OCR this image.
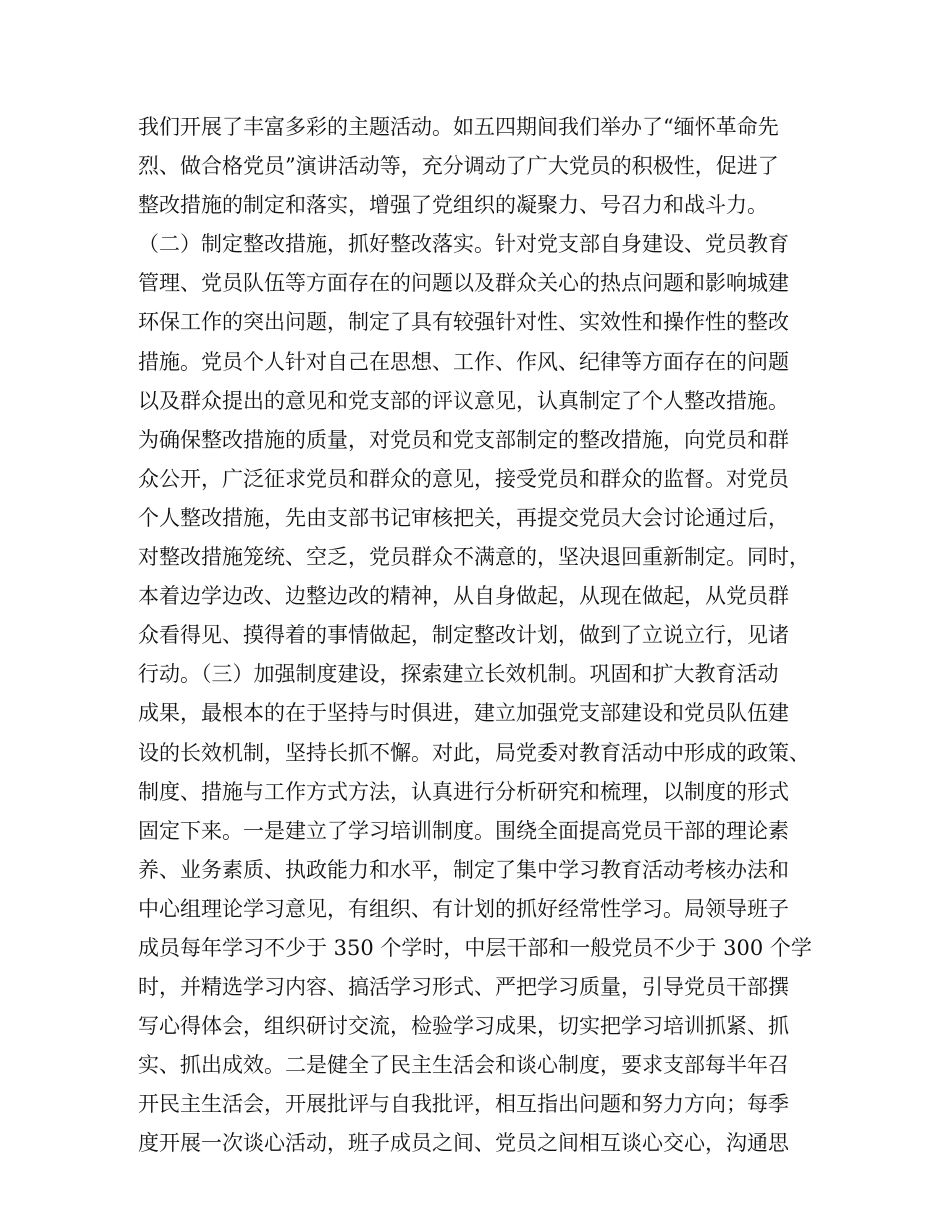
我们开展了丰富多彩的主题活动。如五四期间我们举办了“缅怀革命先
烈、做合格党员”演讲活动等，充分调动了广大党员的积极性，促进了
整改措施的制定和落实，增强了党组织的凝聚力、号召力和战斗力。
（二）制定整改措施，抓好整改落实。针对党支部自身建设、党员教育
管理、党员队伍等方面存在的问题以及群众关心的热点问题和影响城建
环保工作的突出问题，制定了具有较强针对性、实效性和操作性的整改
措施。党员个人针对自己在思想、工作、作风、纪律等方面存在的问题
以及群众提出的意见和党支部的评议意见，认真制定了个人整改措施。
为确保整改措施的质量，对党员和党支部制定的整改措施，向党员和群
众公开，广泛征求党员和群众的意见，接受党员和群众的监督。对党员
个人整改措施，先由支部书记审核把关，再提交党员大会讨论通过后，
对整改措施笼统、空乏，党员群众不满意的，坚决退回重新制定。同时，
本着边学边改、边整边改的精神，从自身做起，从现在做起，从党员群
众看得见、摸得着的事情做起，制定整改计划，做到了立说立行，见诸
行动。（三）加强制度建设，探索建立长效机制。巩固和扩大教育活动
成果，最根本的在于坚持与时俱进，建立加强党支部建设和党员队伍建
设的长效机制，坚持长抓不懈。对此，局党委对教育活动中形成的政策、
制度、措施与工作方式方法，认真进行分析研究和梳理，以制度的形式
固定下来。一是建立了学习培训制度。围绕全面提高党员干部的理论素
养、业务素质、执政能力和水平，制定了集中学习教育活动考核办法和
中心组理论学习意见，有组织、有计划的抓好经常性学习。局领导班子
成员每年学习不少于 350 个学时，中层干部和一般党员不少于 300 个学
时，并精选学习内容、搞活学习形式、严把学习质量，引导党员干部撰
写心得体会，组织研讨交流，检验学习成果，切实把学习培训抓紧、抓
实、抓出成效。二是健全了民主生活会和谈心制度，要求支部每半年召
开民主生活会，开展批评与自我批评，相互指出问题和努力方向；每季
度开展一次谈心活动，班子成员之间、党员之间相互谈心交心，沟通思
